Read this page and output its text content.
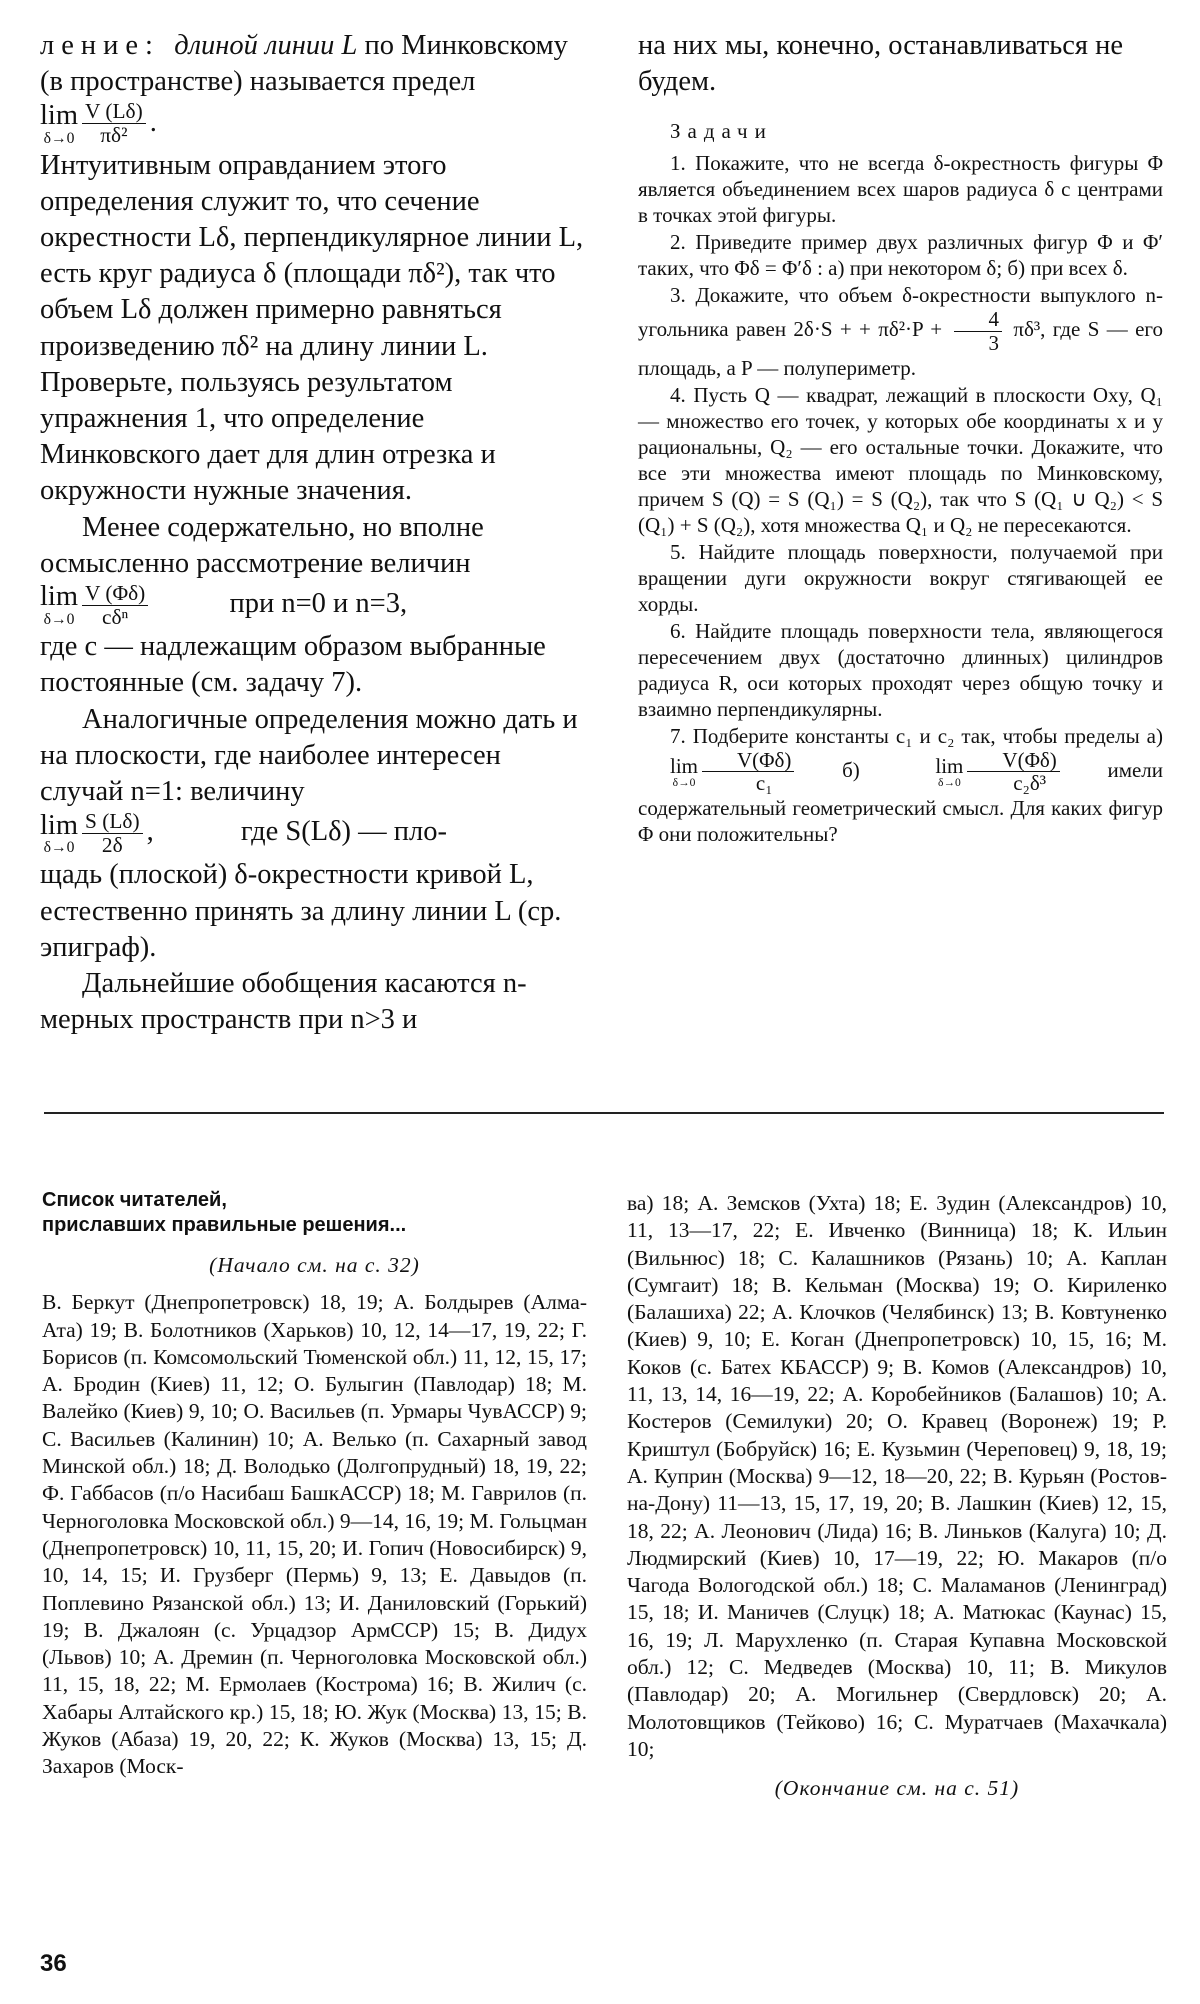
ление: длиной линии L по Минковскому (в пространстве) называется предел
lim
$\delta\to 0 \frac{V (L\delta)}{\text{πδ²}}$ .

Интуитивным оправданием этого определения служит то, что сечение окрестности Lδ, перпендикулярное линии L, есть круг радиуса δ (площади πδ²), так что объем Lδ должен примерно равняться произведению πδ² на длину линии L. Проверьте, пользуясь результатом упражнения 1, что определение Минковского дает для длин отрезка и окружности нужные значения.

Менее содержательно, но вполне осмысленно рассмотрение величин

lim
$\delta\to 0 \frac{V (\Phi\delta)}{\text{cδⁿ}}$	при n=0 и n=3,

где c — надлежащим образом выбранные постоянные (см. задачу 7).

Аналогичные определения можно дать и на плоскости, где наиболее интересен случай n=1: величину

lim
$\delta\to 0 \frac{S (L\delta)}{2\delta}$ ,	где S(Lδ) — пло-

щадь (плоской) δ-окрестности кривой L, естественно принять за длину линии L (ср. эпиграф).

Дальнейшие обобщения касаются n-мерных пространств при n>3 и

на них мы, конечно, останавливаться не будем.

Задачи

1. Покажите, что не всегда δ-окрестность фигуры Φ является объединением всех шаров радиуса δ с центрами в точках этой фигуры.

2. Приведите пример двух различных фигур Φ и Φ′ таких, что Φδ = Φ′δ : а) при некотором δ; б) при всех δ.

3. Докажите, что объем δ-окрестности выпуклого n-угольника равен 2δ·S + + $\pi\delta^2\cdot P + \frac{4}{3} \pi\delta^3$, где S — его площадь, а P — полупериметр.

4. Пусть Q — квадрат, лежащий в плоскости Oxy, Q₁ — множество его точек, у которых обе координаты x и y рациональны, Q₂ — его остальные точки. Докажите, что все эти множества имеют площадь по Минковскому, причем S (Q) = S (Q₁) = S (Q₂), так что S (Q₁ ∪ Q₂) < S (Q₁) + S (Q₂), хотя множества Q₁ и Q₂ не пересекаются.

5. Найдите площадь поверхности, получаемой при вращении дуги окружности вокруг стягивающей ее хорды.

6. Найдите площадь поверхности тела, являющегося пересечением двух (достаточно длинных) цилиндров радиуса R, оси которых проходят через общую точку и взаимно перпендикулярны.

7. Подберите константы c₁ и c₂ так, чтобы пределы а)
lim
$\delta\to 0 \frac{V(\Phi\delta)}{\text{c₁}} б$)	lim
$\delta\to 0 \frac{V(\Phi\delta)}{\text{c₂δ³}}$ имели содержательный геометрический смысл. Для каких фигур Φ они положительны?

Список читателей,
приславших правильные решения...

(Начало см. на с. 32)

В. Беркут (Днепропетровск) 18, 19; А. Болдырев (Алма-Ата) 19; В. Болотников (Харьков) 10, 12, 14—17, 19, 22; Г. Борисов (п. Комсомольский Тюменской обл.) 11, 12, 15, 17; А. Бродин (Киев) 11, 12; О. Булыгин (Павлодар) 18; М. Валейко (Киев) 9, 10; О. Васильев (п. Урмары ЧувАССР) 9; С. Васильев (Калинин) 10; А. Велько (п. Сахарный завод Минской обл.) 18; Д. Володько (Долгопрудный) 18, 19, 22; Ф. Габбасов (п/о Насибаш БашкАССР) 18; М. Гаврилов (п. Черноголовка Московской обл.) 9—14, 16, 19; М. Гольцман (Днепропетровск) 10, 11, 15, 20; И. Гопич (Новосибирск) 9, 10, 14, 15; И. Грузберг (Пермь) 9, 13; Е. Давыдов (п. Поплевино Рязанской обл.) 13; И. Даниловский (Горький) 19; В. Джалоян (с. Урцадзор АрмССР) 15; В. Дидух (Львов) 10; А. Дремин (п. Черноголовка Московской обл.) 11, 15, 18, 22; М. Ермолаев (Кострома) 16; В. Жилич (с. Хабары Алтайского кр.) 15, 18; Ю. Жук (Москва) 13, 15; В. Жуков (Абаза) 19, 20, 22; К. Жуков (Москва) 13, 15; Д. Захаров (Моск-

ва) 18; А. Земсков (Ухта) 18; Е. Зудин (Александров) 10, 11, 13—17, 22; Е. Ивченко (Винница) 18; К. Ильин (Вильнюс) 18; С. Калашников (Рязань) 10; А. Каплан (Сумгаит) 18; В. Кельман (Москва) 19; О. Кириленко (Балашиха) 22; А. Клочков (Челябинск) 13; В. Ковтуненко (Киев) 9, 10; Е. Коган (Днепропетровск) 10, 15, 16; М. Коков (с. Батех КБАССР) 9; В. Комов (Александров) 10, 11, 13, 14, 16—19, 22; А. Коробейников (Балашов) 10; А. Костеров (Семилуки) 20; О. Кравец (Воронеж) 19; Р. Криштул (Бобруйск) 16; Е. Кузьмин (Череповец) 9, 18, 19; А. Куприн (Москва) 9—12, 18—20, 22; В. Курьян (Ростов-на-Дону) 11—13, 15, 17, 19, 20; В. Лашкин (Киев) 12, 15, 18, 22; А. Леонович (Лида) 16; В. Линьков (Калуга) 10; Д. Людмирский (Киев) 10, 17—19, 22; Ю. Макаров (п/о Чагода Вологодской обл.) 18; С. Маламанов (Ленинград) 15, 18; И. Маничев (Слуцк) 18; А. Матюкас (Каунас) 15, 16, 19; Л. Марухленко (п. Старая Купавна Московской обл.) 12; С. Медведев (Москва) 10, 11; В. Микулов (Павлодар) 20; А. Могильнер (Свердловск) 20; А. Молотовщиков (Тейково) 16; С. Муратчаев (Махачкала) 10;

(Окончание см. на с. 51)

36
